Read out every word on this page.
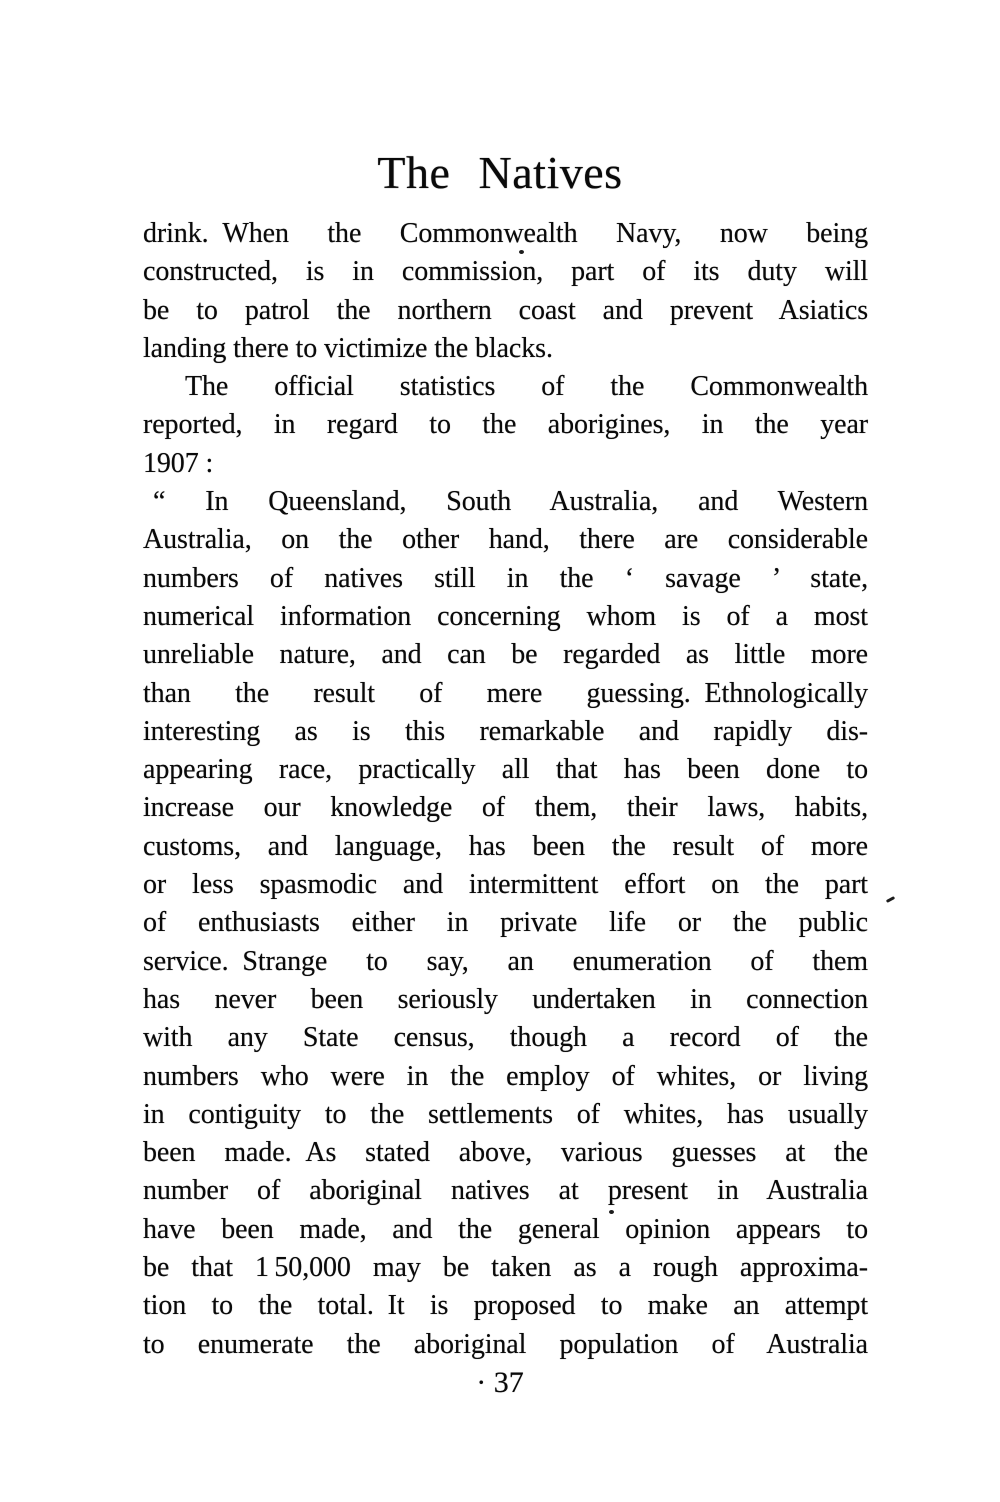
The Natives
drink. When the Commonwealth Navy, now being
constructed, is in commission, part of its duty will
be to patrol the northern coast and prevent Asiatics
landing there to victimize the blacks.
The official statistics of the Commonwealth
reported, in regard to the aborigines, in the year
1907 :
“ In Queensland, South Australia, and Western
Australia, on the other hand, there are considerable
numbers of natives still in the ‘ savage ’ state,
numerical information concerning whom is of a most
unreliable nature, and can be regarded as little more
than the result of mere guessing. Ethnologically
interesting as is this remarkable and rapidly dis-
appearing race, practically all that has been done to
increase our knowledge of them, their laws, habits,
customs, and language, has been the result of more
or less spasmodic and intermittent effort on the part
of enthusiasts either in private life or the public
service. Strange to say, an enumeration of them
has never been seriously undertaken in connection
with any State census, though a record of the
numbers who were in the employ of whites, or living
in contiguity to the settlements of whites, has usually
been made. As stated above, various guesses at the
number of aboriginal natives at present in Australia
have been made, and the general opinion appears to
be that 1 50,000 may be taken as a rough approxima-
tion to the total. It is proposed to make an attempt
to enumerate the aboriginal population of Australia
· 37
